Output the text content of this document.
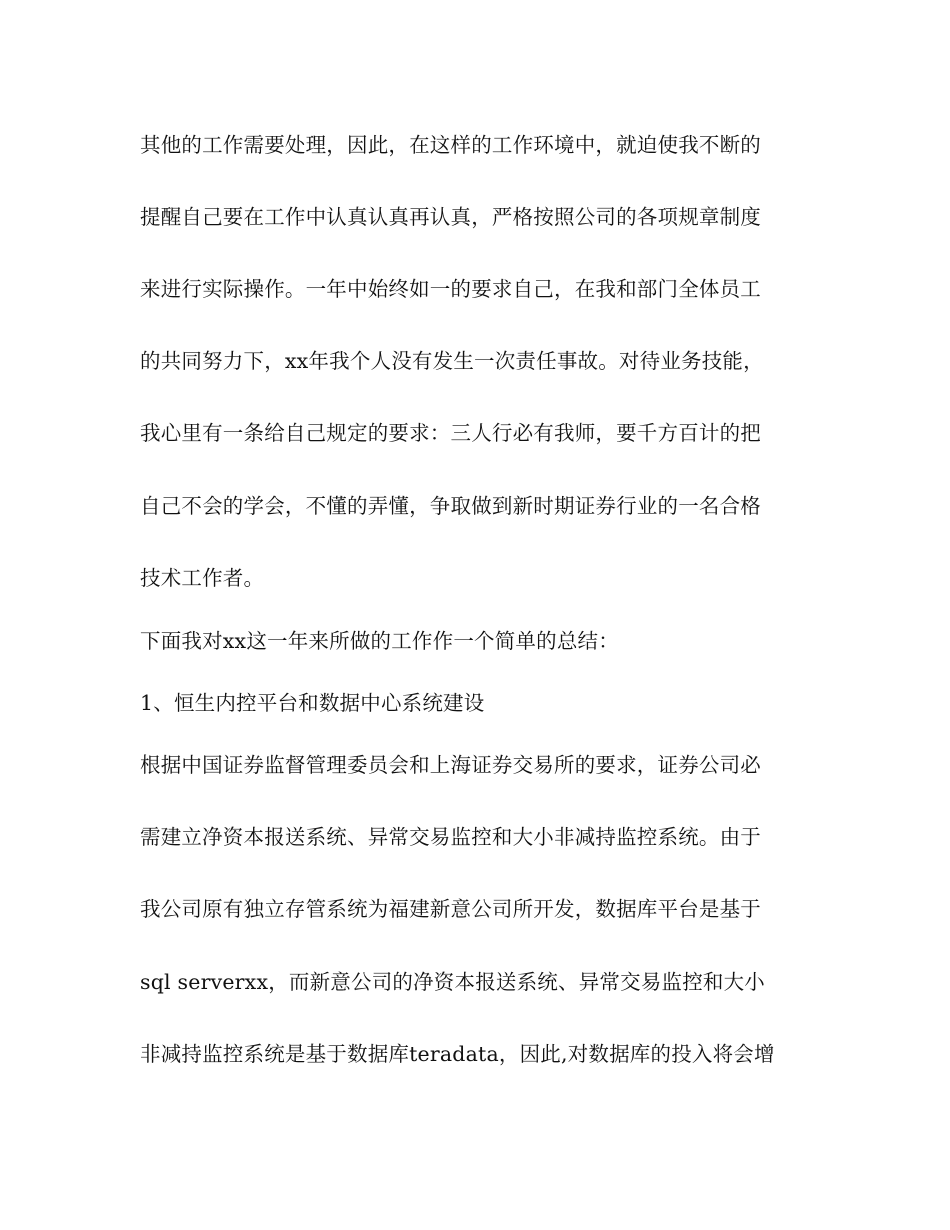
其他的工作需要处理，因此，在这样的工作环境中，就迫使我不断的
提醒自己要在工作中认真认真再认真，严格按照公司的各项规章制度
来进行实际操作。一年中始终如一的要求自己，在我和部门全体员工
的共同努力下，xx年我个人没有发生一次责任事故。对待业务技能，
我心里有一条给自己规定的要求：三人行必有我师，要千方百计的把
自己不会的学会，不懂的弄懂，争取做到新时期证券行业的一名合格
技术工作者。
下面我对xx这一年来所做的工作作一个简单的总结：
1、恒生内控平台和数据中心系统建设
根据中国证券监督管理委员会和上海证券交易所的要求，证券公司必
需建立净资本报送系统、异常交易监控和大小非减持监控系统。由于
我公司原有独立存管系统为福建新意公司所开发，数据库平台是基于
sql serverxx，而新意公司的净资本报送系统、异常交易监控和大小
非减持监控系统是基于数据库teradata，因此,对数据库的投入将会增
